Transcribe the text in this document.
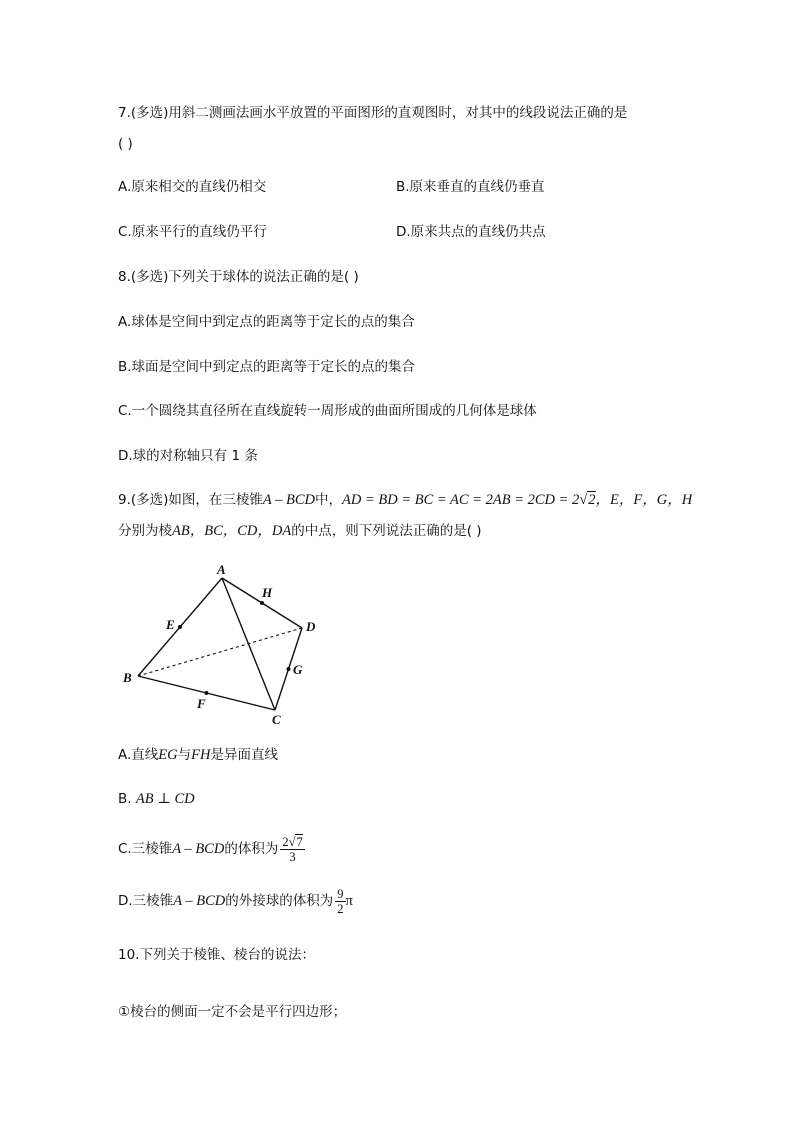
7.(多选)用斜二测画法画水平放置的平面图形的直观图时，对其中的线段说法正确的是
( )
A.原来相交的直线仍相交	B.原来垂直的直线仍垂直
C.原来平行的直线仍平行	D.原来共点的直线仍共点
8.(多选)下列关于球体的说法正确的是( )
A.球体是空间中到定点的距离等于定长的点的集合
B.球面是空间中到定点的距离等于定长的点的集合
C.一个圆绕其直径所在直线旋转一周形成的曲面所围成的几何体是球体
D.球的对称轴只有 1 条
9.(多选)如图，在三棱锥A – BCD中，AD = BD = BC = AC = 2AB = 2CD = 2√2，E，F，G，H
分别为棱AB，BC，CD，DA的中点，则下列说法正确的是( )
A
B
C
D
E
F
G
H
A.直线EG与FH是异面直线
B. AB ⊥ CD
C.三棱锥A – BCD的体积为 $\frac{2√7}{3}$
D.三棱锥A – BCD的外接球的体积为 $\frac{9}{2}$ π
10.下列关于棱锥、棱台的说法：
①棱台的侧面一定不会是平行四边形；
